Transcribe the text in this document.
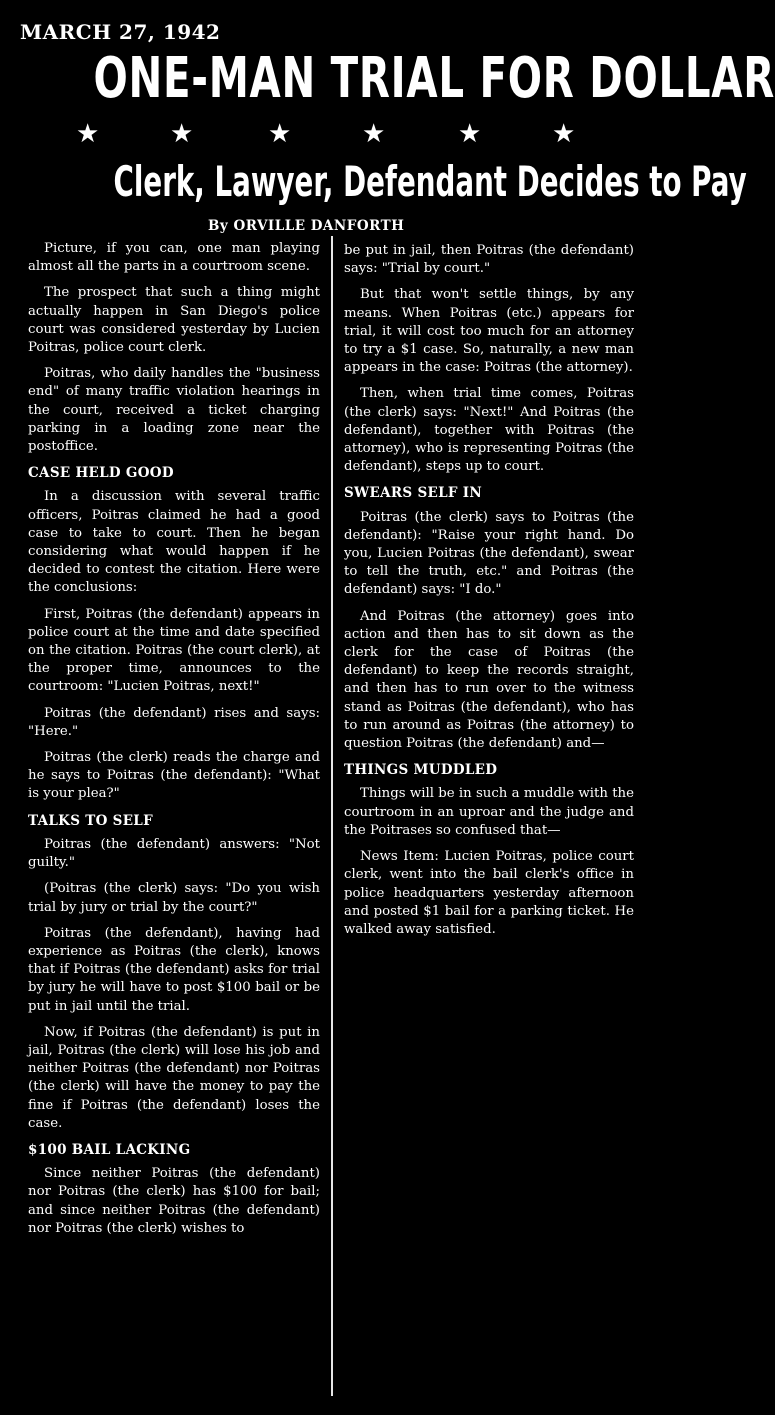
MARCH 27, 1942
ONE-MAN TRIAL FOR DOLLAR
★	★	★	★	★	★
Clerk, Lawyer, Defendant Decides to Pay
By ORVILLE DANFORTH

Picture, if you can, one man playing almost all the parts in a courtroom scene.

The prospect that such a thing might actually happen in San Diego's police court was considered yesterday by Lucien Poitras, police court clerk.

Poitras, who daily handles the "business end" of many traffic violation hearings in the court, received a ticket charging parking in a loading zone near the postoffice.

CASE HELD GOOD

In a discussion with several traffic officers, Poitras claimed he had a good case to take to court. Then he began considering what would happen if he decided to contest the citation. Here were the conclusions:

First, Poitras (the defendant) appears in police court at the time and date specified on the citation. Poitras (the court clerk), at the proper time, announces to the courtroom: "Lucien Poitras, next!"

Poitras (the defendant) rises and says: "Here."

Poitras (the clerk) reads the charge and he says to Poitras (the defendant): "What is your plea?"

TALKS TO SELF

Poitras (the defendant) answers: "Not guilty."

(Poitras (the clerk) says: "Do you wish trial by jury or trial by the court?"

Poitras (the defendant), having had experience as Poitras (the clerk), knows that if Poitras (the defendant) asks for trial by jury he will have to post $100 bail or be put in jail until the trial.

Now, if Poitras (the defendant) is put in jail, Poitras (the clerk) will lose his job and neither Poitras (the defendant) nor Poitras (the clerk) will have the money to pay the fine if Poitras (the defendant) loses the case.

$100 BAIL LACKING

Since neither Poitras (the defendant) nor Poitras (the clerk) has $100 for bail; and since neither Poitras (the defendant) nor Poitras (the clerk) wishes to

be put in jail, then Poitras (the defendant) says: "Trial by court."

But that won't settle things, by any means. When Poitras (etc.) appears for trial, it will cost too much for an attorney to try a $1 case. So, naturally, a new man appears in the case: Poitras (the attorney).

Then, when trial time comes, Poitras (the clerk) says: "Next!" And Poitras (the defendant), together with Poitras (the attorney), who is representing Poitras (the defendant), steps up to court.

SWEARS SELF IN

Poitras (the clerk) says to Poitras (the defendant): "Raise your right hand. Do you, Lucien Poitras (the defendant), swear to tell the truth, etc." and Poitras (the defendant) says: "I do."

And Poitras (the attorney) goes into action and then has to sit down as the clerk for the case of Poitras (the defendant) to keep the records straight, and then has to run over to the witness stand as Poitras (the defendant), who has to run around as Poitras (the attorney) to question Poitras (the defendant) and—

THINGS MUDDLED

Things will be in such a muddle with the courtroom in an uproar and the judge and the Poitrases so confused that—

News Item: Lucien Poitras, police court clerk, went into the bail clerk's office in police headquarters yesterday afternoon and posted $1 bail for a parking ticket. He walked away satisfied.
